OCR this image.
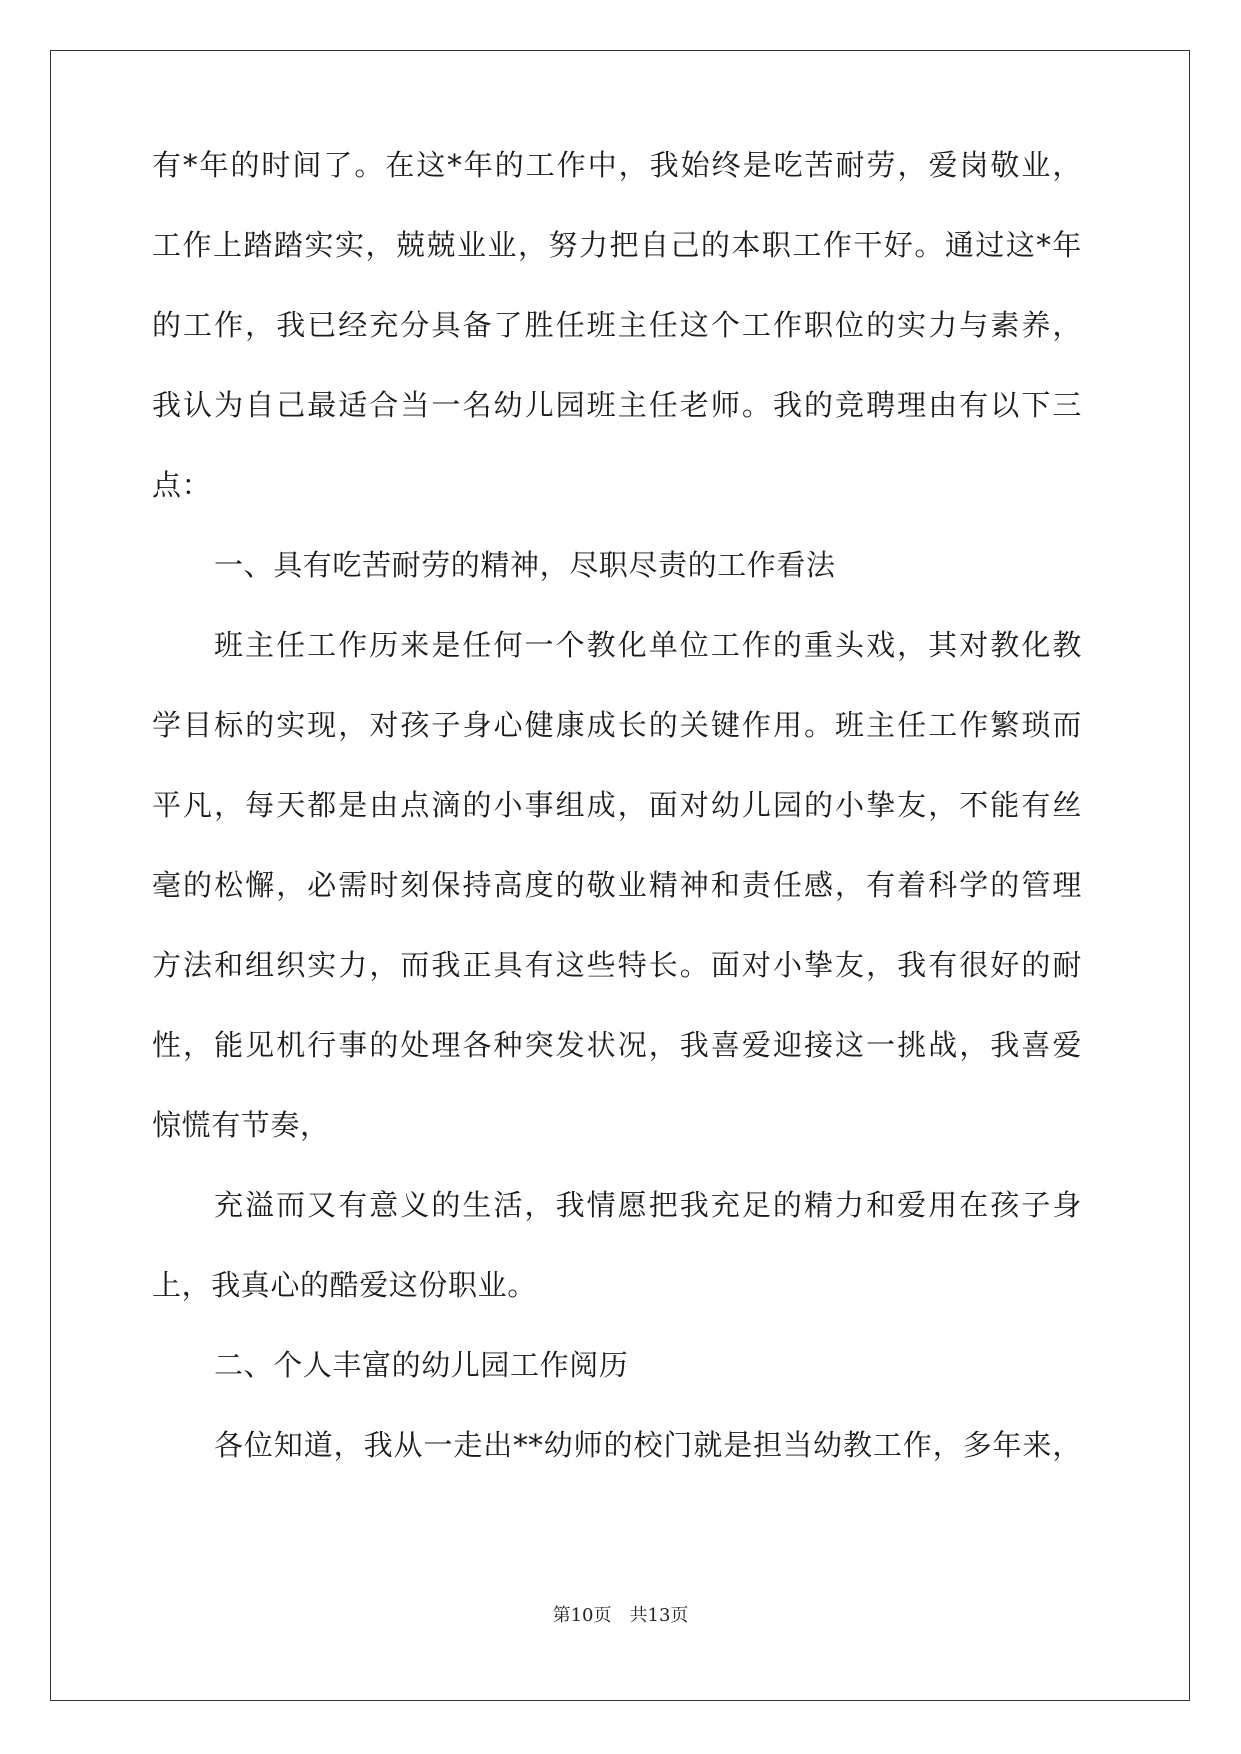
有*年的时间了。在这*年的工作中，我始终是吃苦耐劳，爱岗敬业，
工作上踏踏实实，兢兢业业，努力把自己的本职工作干好。通过这*年
的工作，我已经充分具备了胜任班主任这个工作职位的实力与素养，
我认为自己最适合当一名幼儿园班主任老师。我的竞聘理由有以下三
点：
一、具有吃苦耐劳的精神，尽职尽责的工作看法
班主任工作历来是任何一个教化单位工作的重头戏，其对教化教
学目标的实现，对孩子身心健康成长的关键作用。班主任工作繁琐而
平凡，每天都是由点滴的小事组成，面对幼儿园的小挚友，不能有丝
毫的松懈，必需时刻保持高度的敬业精神和责任感，有着科学的管理
方法和组织实力，而我正具有这些特长。面对小挚友，我有很好的耐
性，能见机行事的处理各种突发状况，我喜爱迎接这一挑战，我喜爱
惊慌有节奏，
充溢而又有意义的生活，我情愿把我充足的精力和爱用在孩子身
上，我真心的酷爱这份职业。
二、个人丰富的幼儿园工作阅历
各位知道，我从一走出**幼师的校门就是担当幼教工作，多年来，
第10页　共13页
